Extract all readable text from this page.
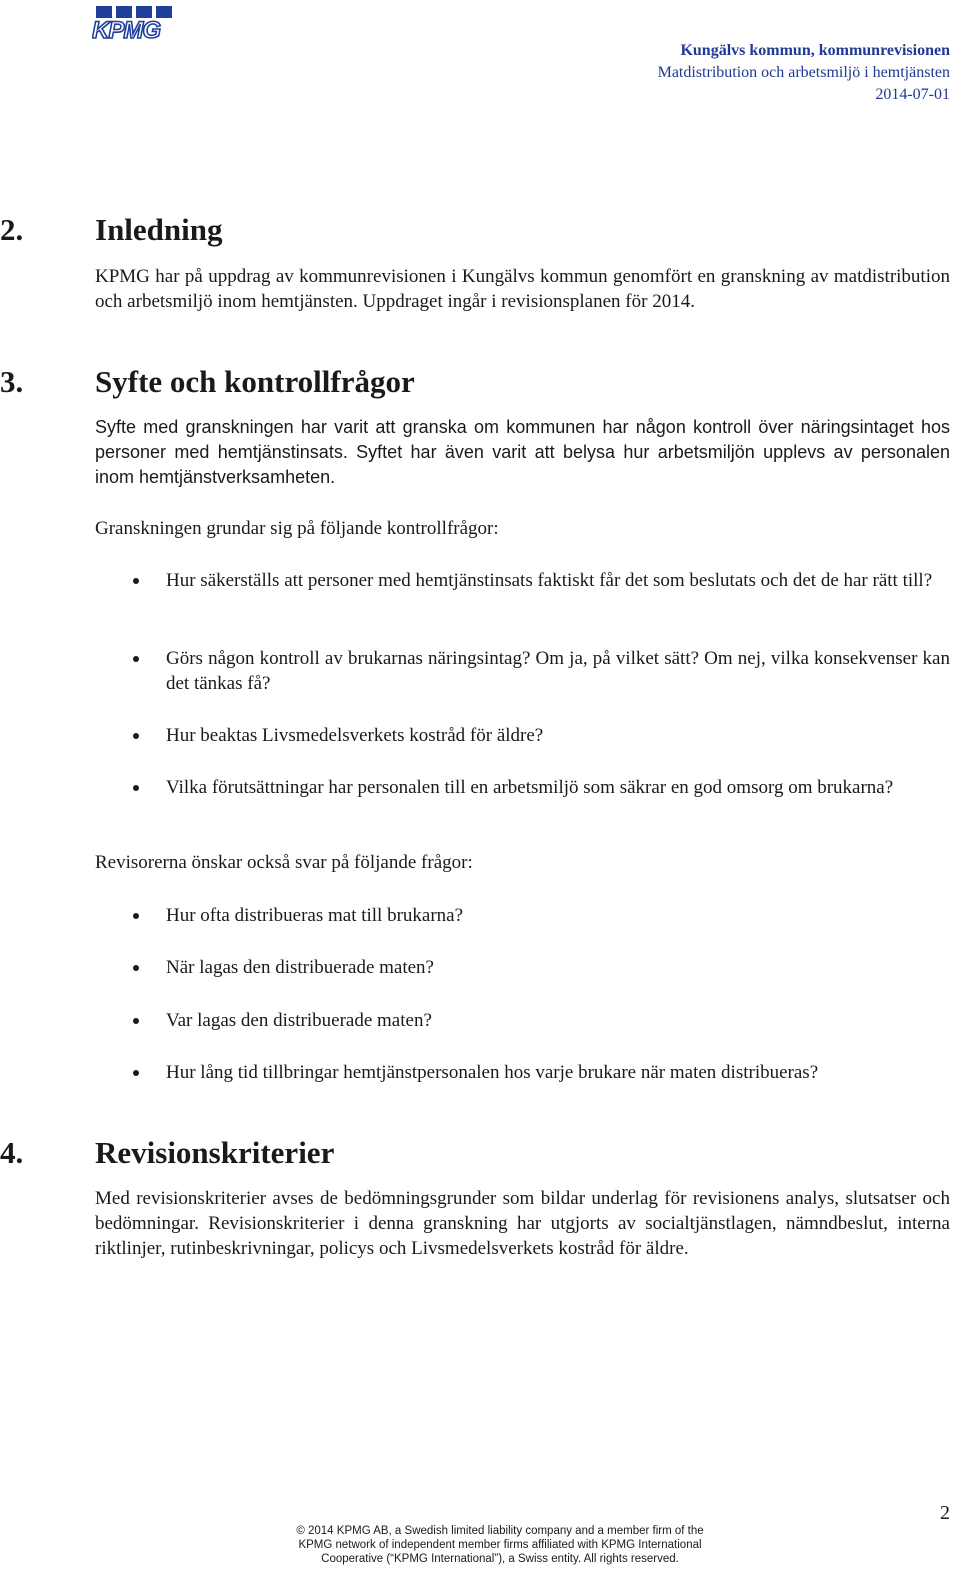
KPMG
Kungälvs kommun, kommunrevisionen
Matdistribution och arbetsmiljö i hemtjänsten
2014-07-01
2. Inledning

KPMG har på uppdrag av kommunrevisionen i Kungälvs kommun genomfört en granskning av matdistribution och arbetsmiljö inom hemtjänsten. Uppdraget ingår i revisionsplanen för 2014.

3. Syfte och kontrollfrågor

Syfte med granskningen har varit att granska om kommunen har någon kontroll över näringsintaget hos personer med hemtjänstinsats. Syftet har även varit att belysa hur arbetsmiljön upplevs av personalen inom hemtjänstverksamheten.

Granskningen grundar sig på följande kontrollfrågor:

Hur säkerställs att personer med hemtjänstinsats faktiskt får det som beslutats och det de har rätt till?
Görs någon kontroll av brukarnas näringsintag? Om ja, på vilket sätt? Om nej, vilka konsekvenser kan det tänkas få?
Hur beaktas Livsmedelsverkets kostråd för äldre?
Vilka förutsättningar har personalen till en arbetsmiljö som säkrar en god omsorg om brukarna?

Revisorerna önskar också svar på följande frågor:

Hur ofta distribueras mat till brukarna?
När lagas den distribuerade maten?
Var lagas den distribuerade maten?
Hur lång tid tillbringar hemtjänstpersonalen hos varje brukare när maten distribueras?
4. Revisionskriterier

Med revisionskriterier avses de bedömningsgrunder som bildar underlag för revisionens analys, slutsatser och bedömningar. Revisionskriterier i denna granskning har utgjorts av socialtjänstlagen, nämndbeslut, interna riktlinjer, rutinbeskrivningar, policys och Livsmedelsverkets kostråd för äldre.

2
© 2014 KPMG AB, a Swedish limited liability company and a member firm of the
KPMG network of independent member firms affiliated with KPMG International
Cooperative (“KPMG International”), a Swiss entity. All rights reserved.
